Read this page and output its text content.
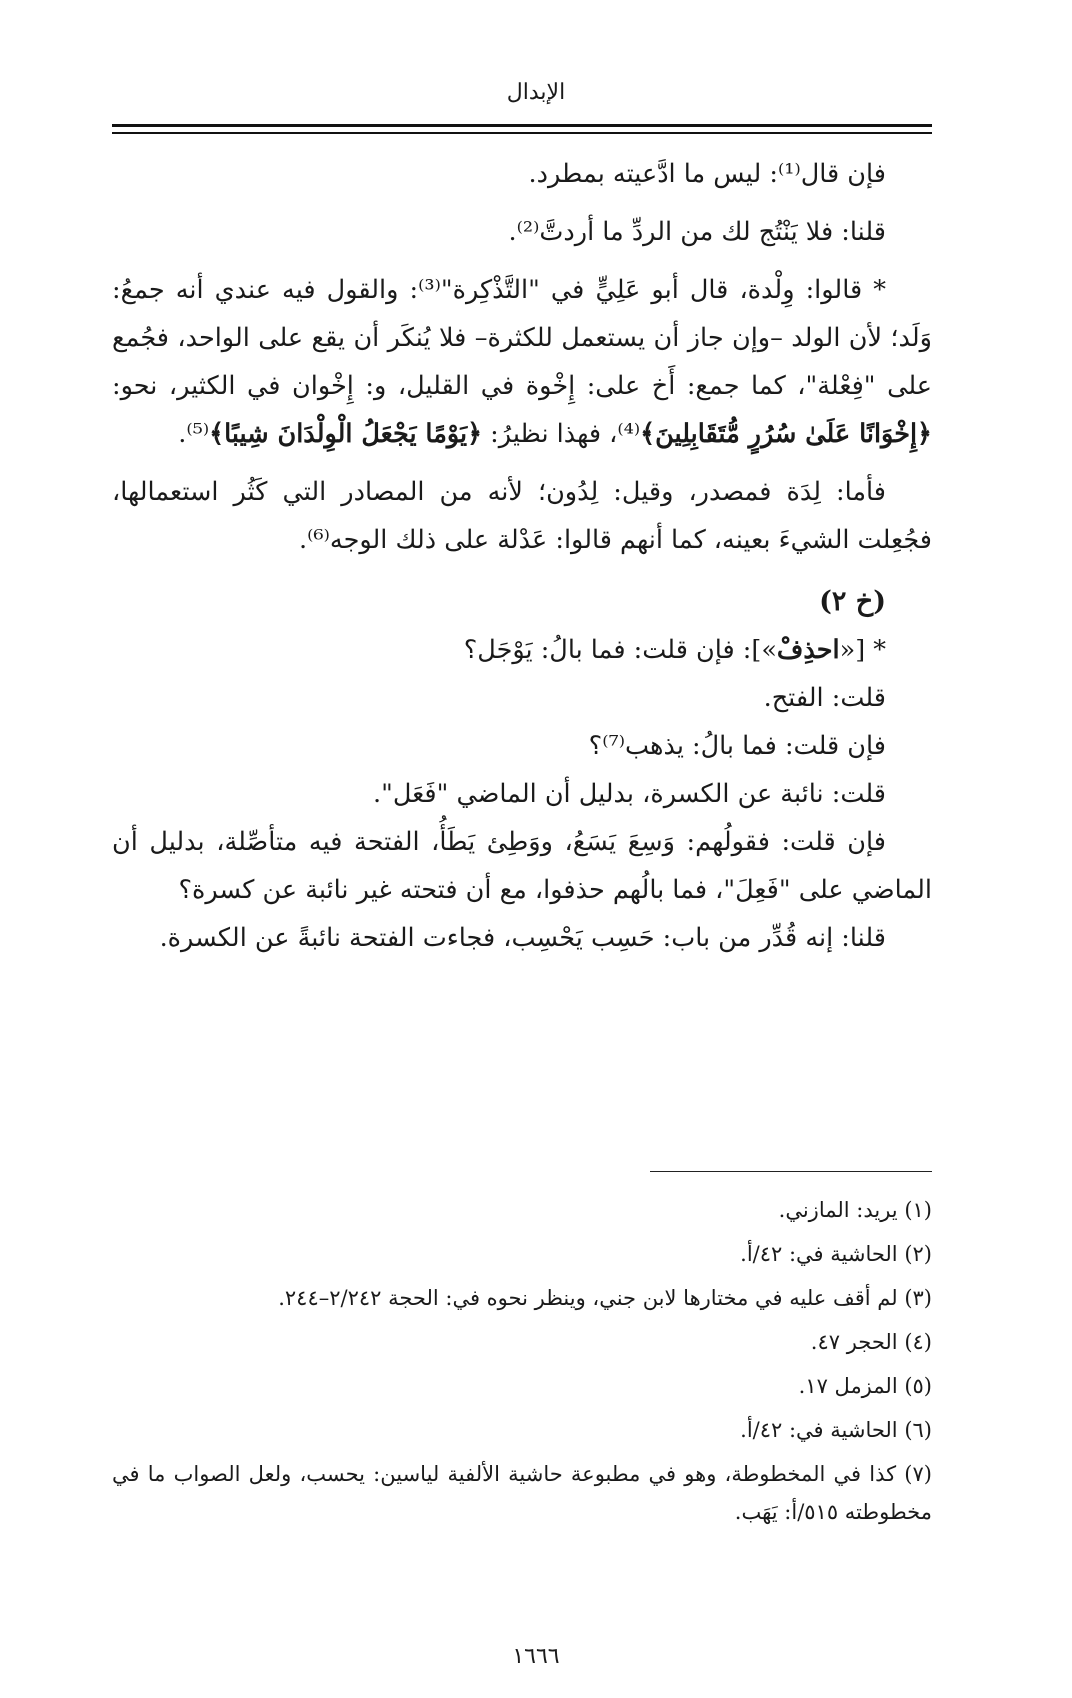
الإبدال

فإن قال⁽¹⁾: ليس ما ادَّعيته بمطرد.

قلنا: فلا يَنْتُج لك من الردِّ ما أردتَّ⁽²⁾.

* قالوا: وِلْدة، قال أبو عَلِيٍّ في "التَّذْكِرة"⁽³⁾: والقول فيه عندي أنه جمعُ: وَلَد؛ لأن الولد –وإن جاز أن يستعمل للكثرة– فلا يُنكَر أن يقع على الواحد، فجُمع على "فِعْلة"، كما جمع: أَخ على: إِخْوة في القليل، و: إِخْوان في الكثير، نحو: ﴿إِخْوَانًا عَلَىٰ سُرُرٍ مُّتَقَابِلِينَ﴾⁽⁴⁾، فهذا نظيرُ: ﴿يَوْمًا يَجْعَلُ الْوِلْدَانَ شِيبًا﴾⁽⁵⁾.

فأما: لِدَة فمصدر، وقيل: لِدُون؛ لأنه من المصادر التي كَثُر استعمالها، فجُعِلت الشيءَ بعينه، كما أنهم قالوا: عَدْلة على ذلك الوجه⁽⁶⁾.

(خ ٢)
* [«احذِفْ»]: فإن قلت: فما بالُ: يَوْجَل؟
قلت: الفتح.
فإن قلت: فما بالُ: يذهب⁽⁷⁾؟
قلت: نائبة عن الكسرة، بدليل أن الماضي "فَعَل".

فإن قلت: فقولُهم: وَسِعَ يَسَعُ، ووَطِئ يَطَأُ، الفتحة فيه متأصِّلة، بدليل أن الماضي على "فَعِلَ"، فما بالُهم حذفوا، مع أن فتحته غير نائبة عن كسرة؟

قلنا: إنه قُدِّر من باب: حَسِب يَحْسِب، فجاءت الفتحة نائبةً عن الكسرة.

(١) يريد: المازني.

(٢) الحاشية في: ٤٢/أ.

(٣) لم أقف عليه في مختارها لابن جني، وينظر نحوه في: الحجة ٢/٢٤٢–٢٤٤.

(٤) الحجر ٤٧.

(٥) المزمل ١٧.

(٦) الحاشية في: ٤٢/أ.

(٧) كذا في المخطوطة، وهو في مطبوعة حاشية الألفية لياسين: يحسب، ولعل الصواب ما في مخطوطته ٥١٥/أ: يَهَب.

١٦٦٦
